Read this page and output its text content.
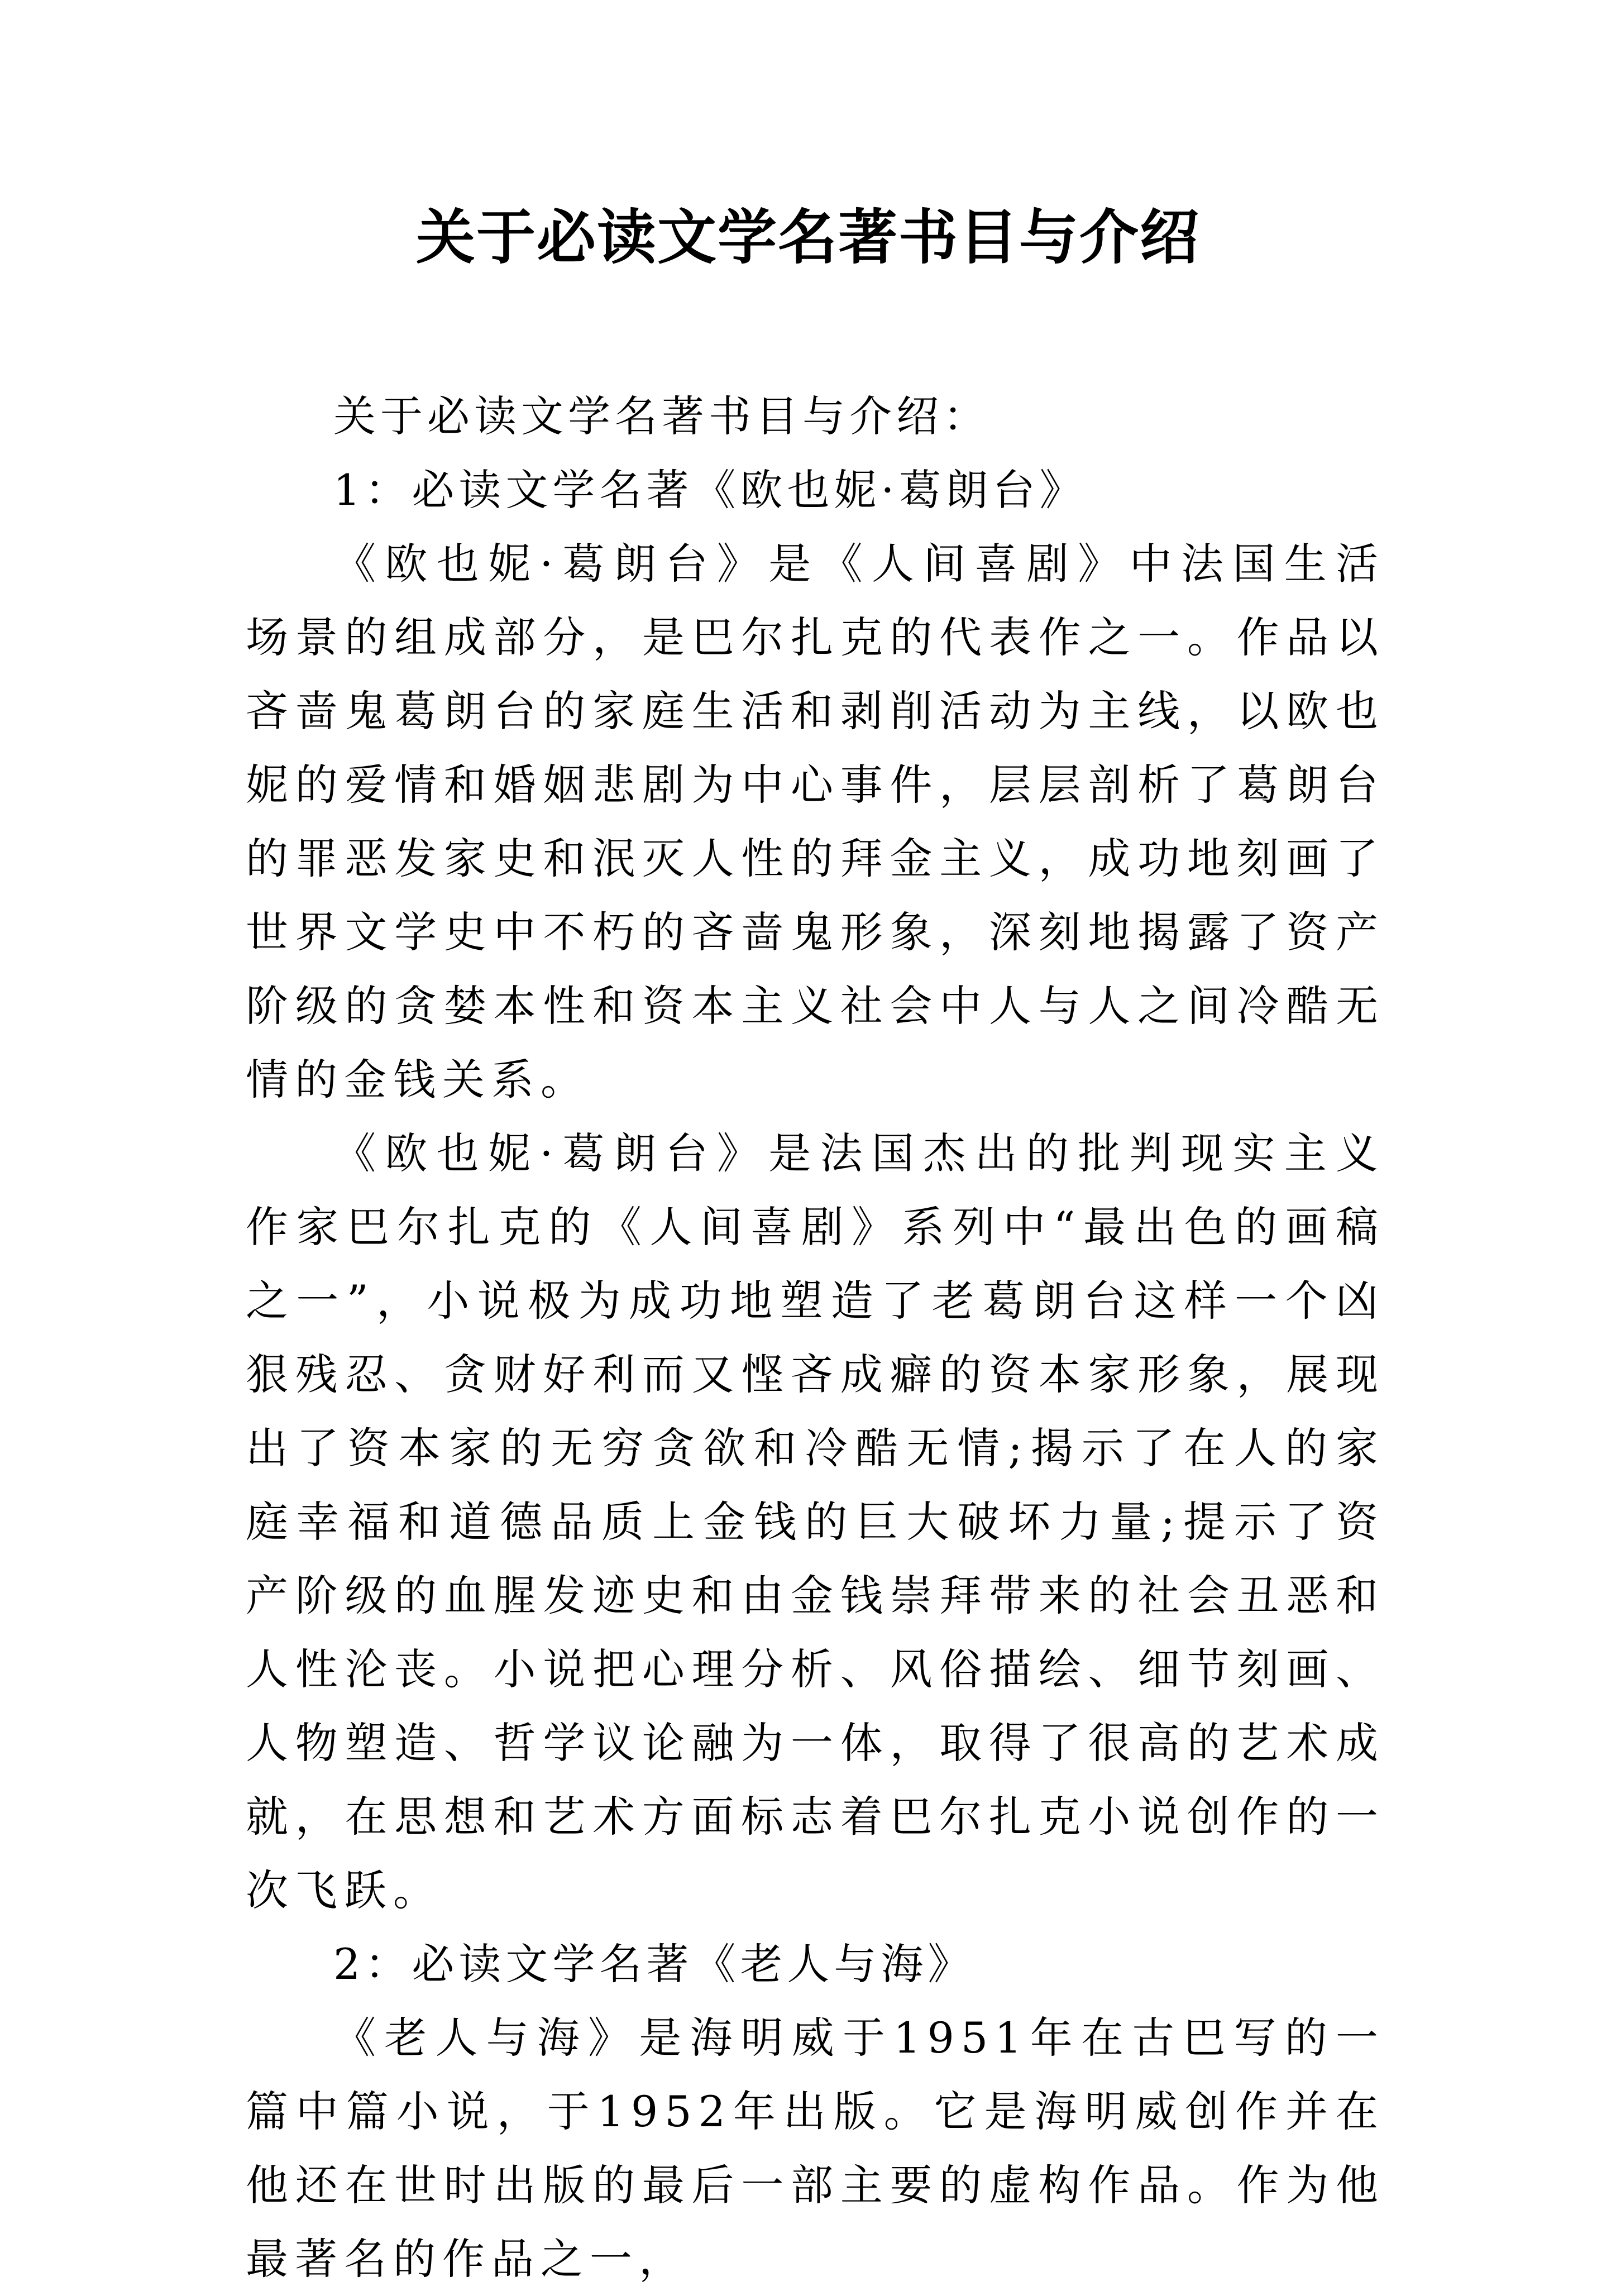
关于必读文学名著书目与介绍

关于必读文学名著书目与介绍：

1：必读文学名著《欧也妮·葛朗台》

《欧也妮·葛朗台》是《人间喜剧》中法国生活场景的组成部分，是巴尔扎克的代表作之一。作品以吝啬鬼葛朗台的家庭生活和剥削活动为主线，以欧也妮的爱情和婚姻悲剧为中心事件，层层剖析了葛朗台的罪恶发家史和泯灭人性的拜金主义，成功地刻画了世界文学史中不朽的吝啬鬼形象，深刻地揭露了资产阶级的贪婪本性和资本主义社会中人与人之间冷酷无情的金钱关系。

《欧也妮·葛朗台》是法国杰出的批判现实主义作家巴尔扎克的《人间喜剧》系列中“最出色的画稿之一”，小说极为成功地塑造了老葛朗台这样一个凶狠残忍、贪财好利而又悭吝成癖的资本家形象，展现出了资本家的无穷贪欲和冷酷无情;揭示了在人的家庭幸福和道德品质上金钱的巨大破坏力量;提示了资产阶级的血腥发迹史和由金钱崇拜带来的社会丑恶和人性沦丧。小说把心理分析、风俗描绘、细节刻画、人物塑造、哲学议论融为一体，取得了很高的艺术成就，在思想和艺术方面标志着巴尔扎克小说创作的一次飞跃。

2：必读文学名著《老人与海》

《老人与海》是海明威于1951年在古巴写的一篇中篇小说，于1952年出版。它是海明威创作并在他还在世时出版的最后一部主要的虚构作品。作为他最著名的作品之一，
